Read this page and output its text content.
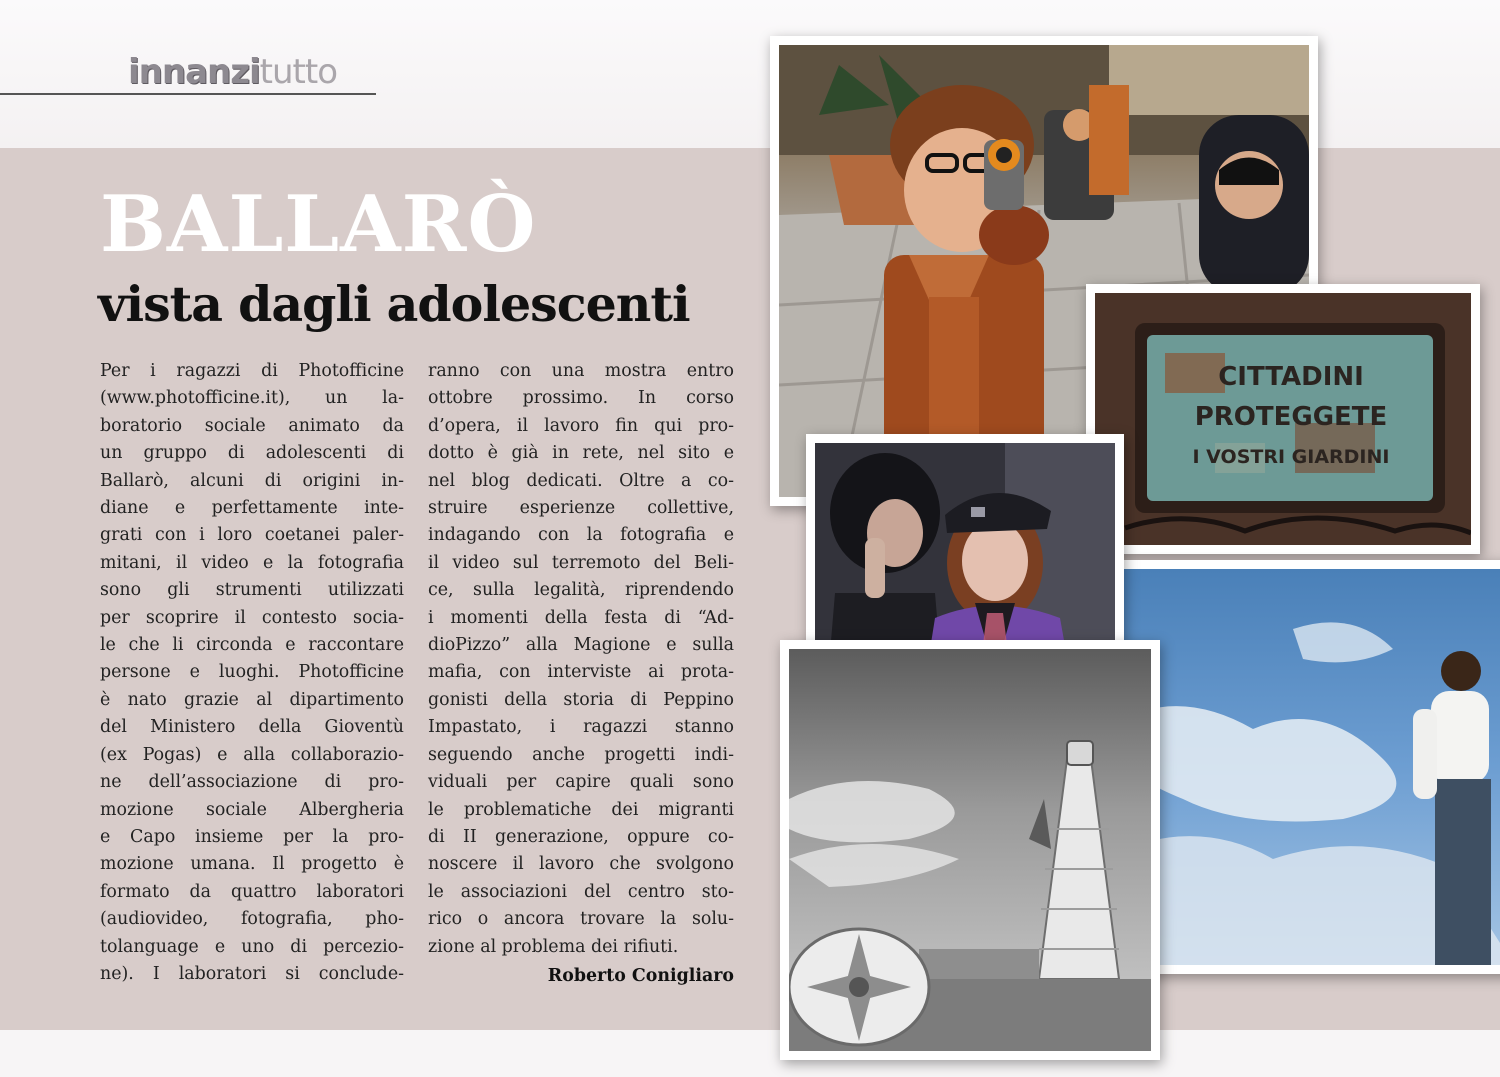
innanzitutto
BALLARÒ
vista dagli adolescenti
Per i ragazzi di Photofficine
(www.photofficine.it), un la-
boratorio sociale animato da
un gruppo di adolescenti di
Ballarò, alcuni di origini in-
diane e perfettamente inte-
grati con i loro coetanei paler-
mitani, il video e la fotografia
sono gli strumenti utilizzati
per scoprire il contesto socia-
le che li circonda e raccontare
persone e luoghi. Photofficine
è nato grazie al dipartimento
del Ministero della Gioventù
(ex Pogas) e alla collaborazio-
ne dell’associazione di pro-
mozione sociale Albergheria
e Capo insieme per la pro-
mozione umana. Il progetto è
formato da quattro laboratori
(audiovideo, fotografia, pho-
tolanguage e uno di percezio-
ne). I laboratori si conclude-
ranno con una mostra entro
ottobre prossimo. In corso
d’opera, il lavoro fin qui pro-
dotto è già in rete, nel sito e
nel blog dedicati. Oltre a co-
struire esperienze collettive,
indagando con la fotografia e
il video sul terremoto del Beli-
ce, sulla legalità, riprendendo
i momenti della festa di “Ad-
dioPizzo” alla Magione e sulla
mafia, con interviste ai prota-
gonisti della storia di Peppino
Impastato, i ragazzi stanno
seguendo anche progetti indi-
viduali per capire quali sono
le problematiche dei migranti
di II generazione, oppure co-
noscere il lavoro che svolgono
le associazioni del centro sto-
rico o ancora trovare la solu-
zione al problema dei rifiuti.
Roberto Conigliaro
CITTADINI
PROTEGGETE
I VOSTRI GIARDINI
